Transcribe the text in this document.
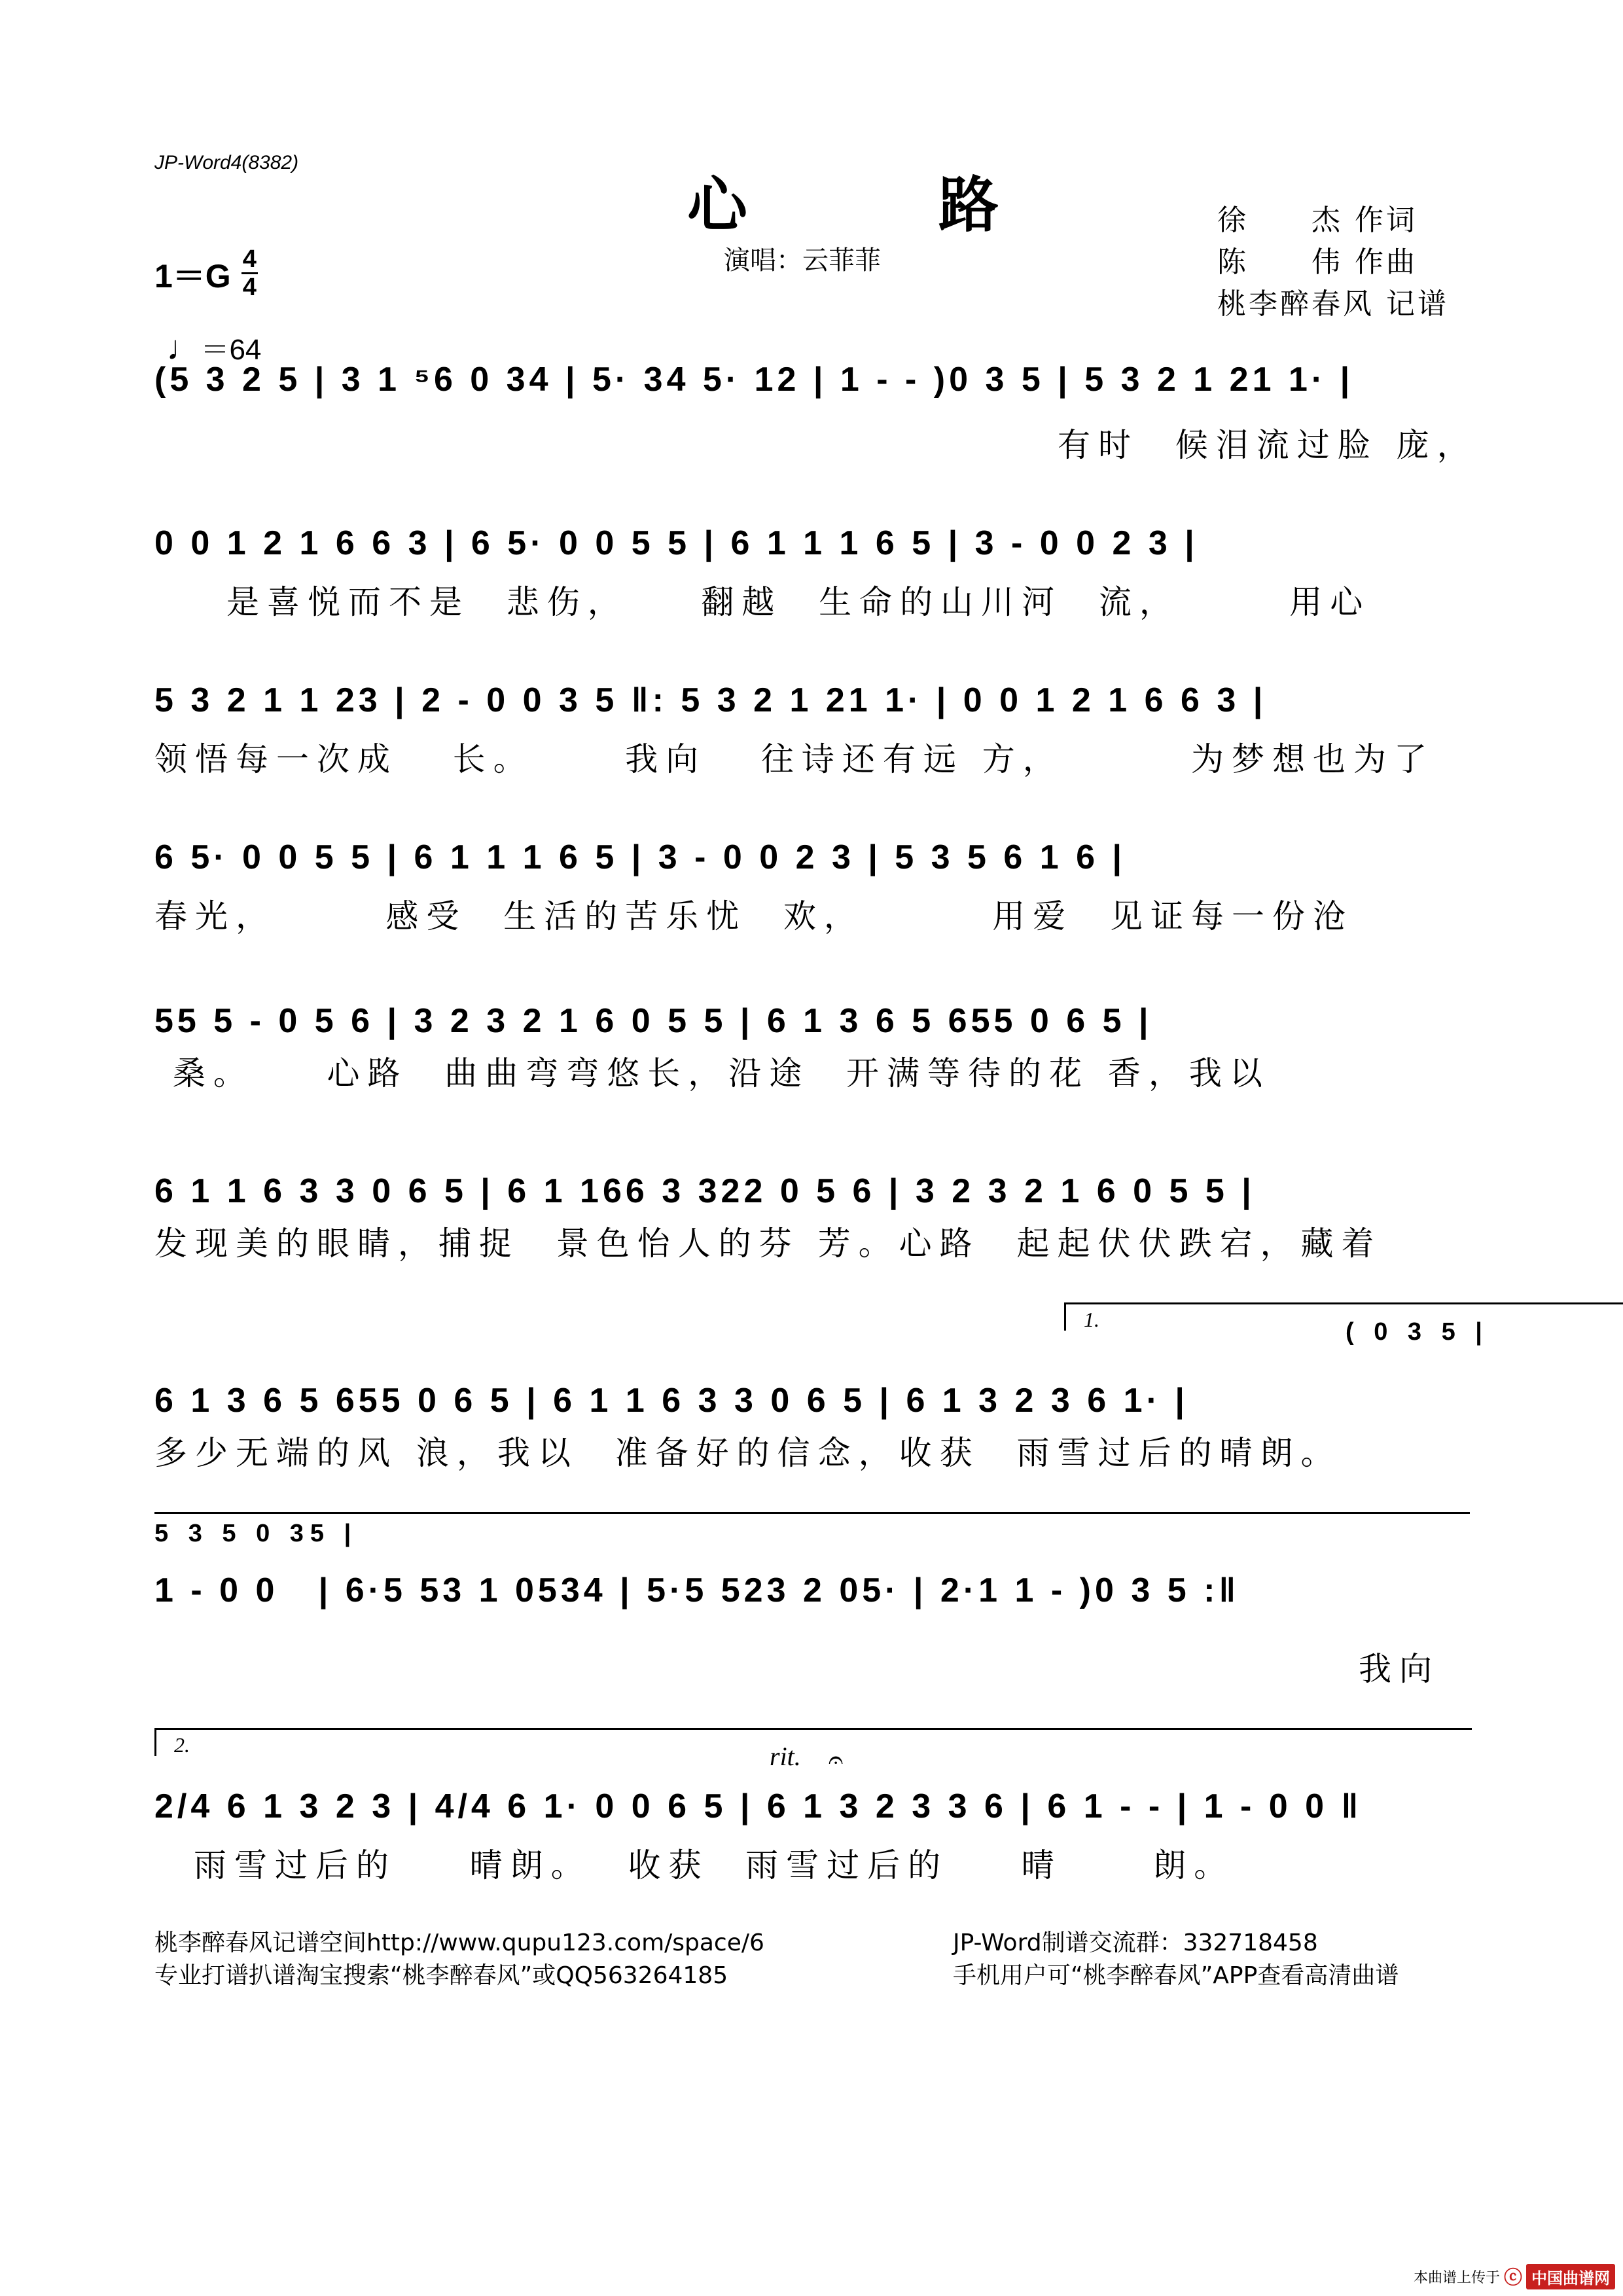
JP-Word4(8382)
心 路
演唱：云菲菲
徐　　杰 作词
陈　　伟 作曲
桃李醉春风 记谱
$1=G \frac{4}{4}$

♩＝64

(5 3 2 5 | 3 1 ⁵6 0 34 | 5· 34 5· 12 | 1 - - )0 3 5 | 5 3 2 1 21 1· |
有时  候泪流过脸 庞，
0 0 1 2 1 6 6 3 | 6 5· 0 0 5 5 | 6 1 1 1 6 5 | 3 - 0 0 2 3 |
是喜悦而不是  悲伤，    翻越  生命的山川河  流，      用心
5 3 2 1 1 23 | 2 - 0 0 3 5 ‖: 5 3 2 1 21 1· | 0 0 1 2 1 6 6 3 |
领悟每一次成   长。     我向   往诗还有远 方，       为梦想也为了
6 5· 0 0 5 5 | 6 1 1 1 6 5 | 3 - 0 0 2 3 | 5 3 5 6 1 6 |
春光，      感受  生活的苦乐忧  欢，       用爱  见证每一份沧
55 5 - 0 5 6 | 3 2 3 2 1 6 0 5 5 | 6 1 3 6 5 655 0 6 5 |
桑。    心路  曲曲弯弯悠长，沿途  开满等待的花 香，我以
6 1 1 6 3 3 0 6 5 | 6 1 166 3 322 0 5 6 | 3 2 3 2 1 6 0 5 5 |
发现美的眼睛，捕捉  景色怡人的芬 芳。心路  起起伏伏跌宕，藏着
1.	( 0 3 5 |
6 1 3 6 5 655 0 6 5 | 6 1 1 6 3 3 0 6 5 | 6 1 3 2 3 6 1· |
多少无端的风 浪，我以  准备好的信念，收获  雨雪过后的晴朗。
5 3 5 0 35 |
1 - 0 0   | 6·5 53 1 0534 | 5·5 523 2 05· | 2·1 1 - )0 3 5 :‖
我向
2.	rit. 𝄐
2/4 6 1 3 2 3 | 4/4 6 1· 0 0 6 5 | 6 1 3 2 3 3 6 | 6 1 - - | 1 - 0 0 ‖
雨雪过后的    晴朗。  收获  雨雪过后的    晴     朗。
桃李醉春风记谱空间http://www.qupu123.com/space/6
专业打谱扒谱淘宝搜索“桃李醉春风”或QQ563264185
JP-Word制谱交流群：332718458
手机用户可“桃李醉春风”APP查看高清曲谱
本曲谱上传于 ⓒ 中国曲谱网
